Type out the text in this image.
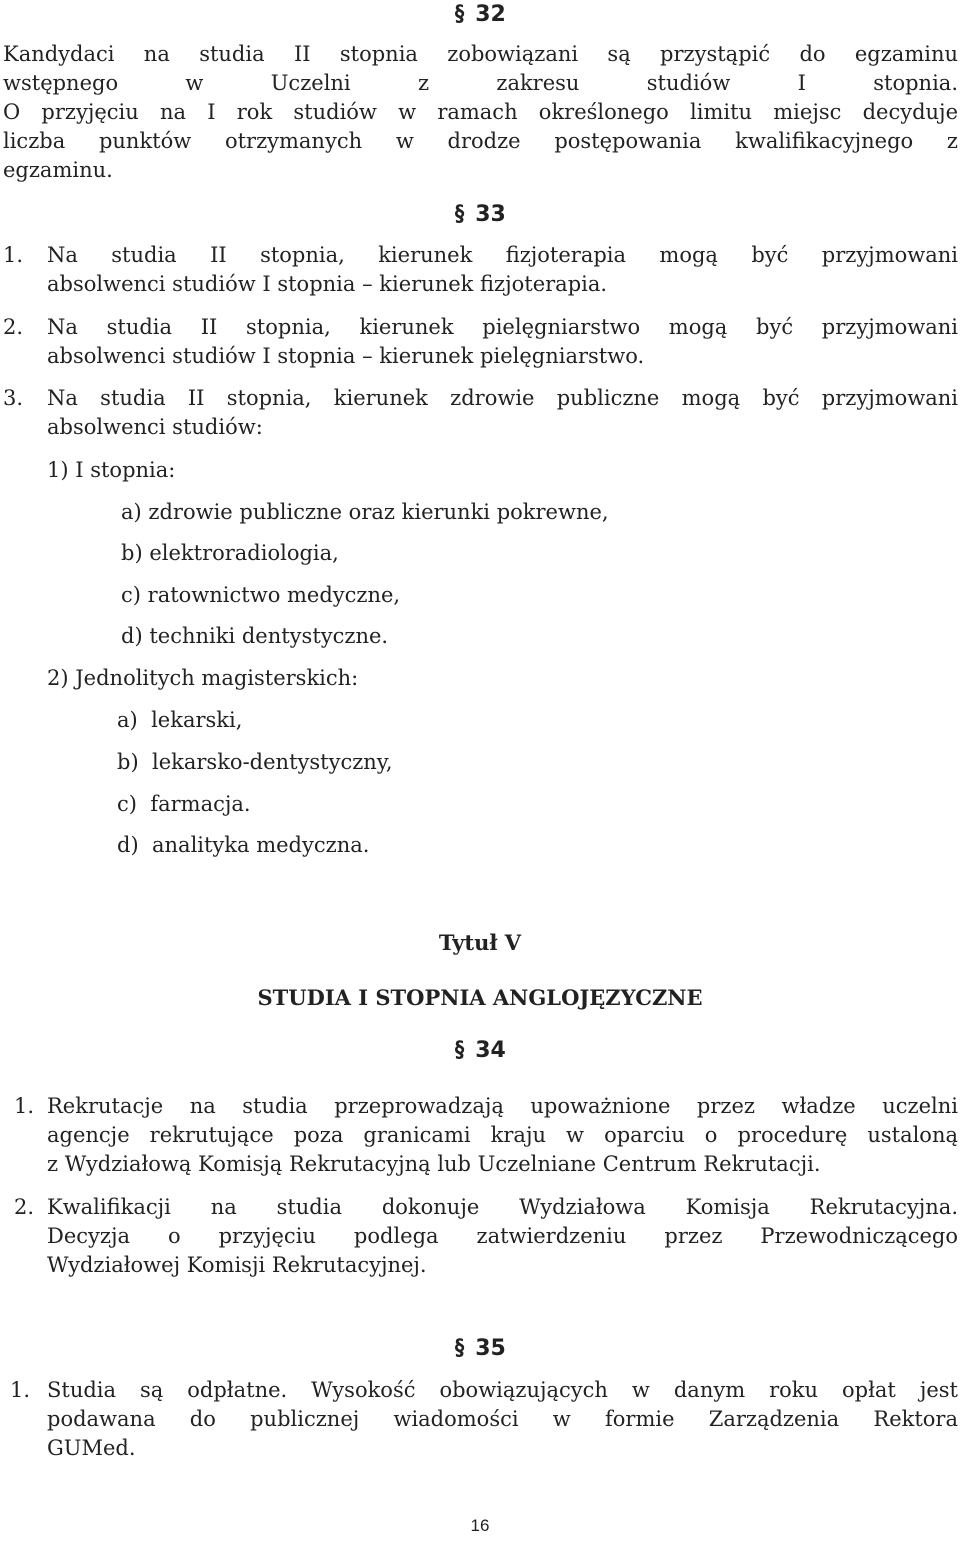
§ 32
Kandydaci na studia II stopnia zobowiązani są przystąpić do egzaminu
wstępnego w Uczelni z zakresu studiów I stopnia.
O przyjęciu na I rok studiów w ramach określonego limitu miejsc decyduje
liczba punktów otrzymanych w drodze postępowania kwalifikacyjnego z
egzaminu.
§ 33
1. Na studia II stopnia, kierunek fizjoterapia mogą być przyjmowani
absolwenci studiów I stopnia – kierunek fizjoterapia.
2. Na studia II stopnia, kierunek pielęgniarstwo mogą być przyjmowani
absolwenci studiów I stopnia – kierunek pielęgniarstwo.
3. Na studia II stopnia, kierunek zdrowie publiczne mogą być przyjmowani
absolwenci studiów:
1) I stopnia:
a) zdrowie publiczne oraz kierunki pokrewne,
b) elektroradiologia,
c) ratownictwo medyczne,
d) techniki dentystyczne.
2) Jednolitych magisterskich:
a) lekarski,
b) lekarsko-dentystyczny,
c) farmacja.
d) analityka medyczna.
Tytuł V
STUDIA I STOPNIA ANGLOJĘZYCZNE
§ 34
1. Rekrutacje na studia przeprowadzają upoważnione przez władze uczelni
agencje rekrutujące poza granicami kraju w oparciu o procedurę ustaloną
z Wydziałową Komisją Rekrutacyjną lub Uczelniane Centrum Rekrutacji.
2. Kwalifikacji na studia dokonuje Wydziałowa Komisja Rekrutacyjna.
Decyzja o przyjęciu podlega zatwierdzeniu przez Przewodniczącego
Wydziałowej Komisji Rekrutacyjnej.
§ 35
1. Studia są odpłatne. Wysokość obowiązujących w danym roku opłat jest
podawana do publicznej wiadomości w formie Zarządzenia Rektora
GUMed.
16
